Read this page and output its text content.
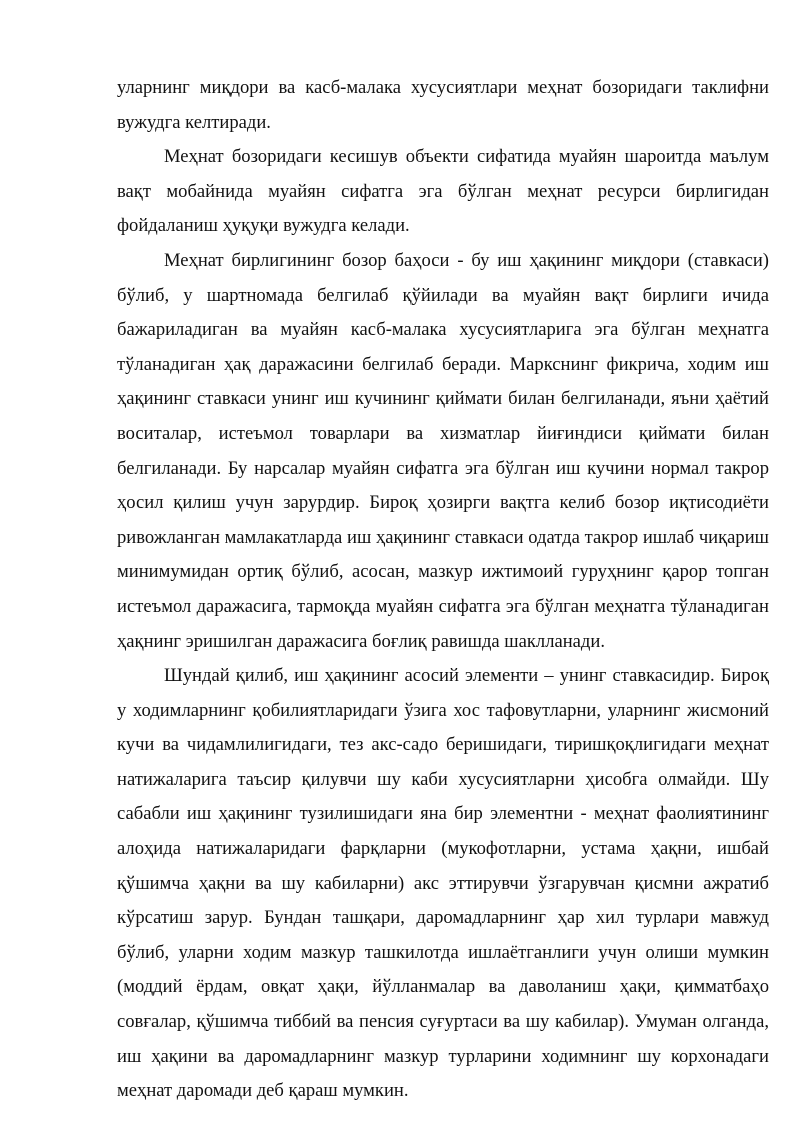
уларнинг миқдори ва касб-малака хусусиятлари меҳнат бозоридаги таклифни вужудга келтиради.

Меҳнат бозоридаги кесишув объекти сифатида муайян шароитда маълум вақт мобайнида муайян сифатга эга бўлган меҳнат ресурси бирлигидан фойдаланиш ҳуқуқи вужудга келади.

Меҳнат бирлигининг бозор баҳоси - бу иш ҳақининг миқдори (ставкаси) бўлиб, у шартномада белгилаб қўйилади ва муайян вақт бирлиги ичида бажариладиган ва муайян касб-малака хусусиятларига эга бўлган меҳнатга тўланадиган ҳақ даражасини белгилаб беради. Маркснинг фикрича, ходим иш ҳақининг ставкаси унинг иш кучининг қиймати билан белгиланади, яъни ҳаётий воситалар, истеъмол товарлари ва хизматлар йиғиндиси қиймати билан белгиланади. Бу нарсалар муайян сифатга эга бўлган иш кучини нормал такрор ҳосил қилиш учун зарурдир. Бироқ ҳозирги вақтга келиб бозор иқтисодиёти ривожланган мамлакатларда иш ҳақининг ставкаси одатда такрор ишлаб чиқариш минимумидан ортиқ бўлиб, асосан, мазкур ижтимоий гуруҳнинг қарор топган истеъмол даражасига, тармоқда муайян сифатга эга бўлган меҳнатга тўланадиган ҳақнинг эришилган даражасига боғлиқ равишда шаклланади.

Шундай қилиб, иш ҳақининг асосий элементи – унинг ставкасидир. Бироқ у ходимларнинг қобилиятларидаги ўзига хос тафовутларни, уларнинг жисмоний кучи ва чидамлилигидаги, тез акс-садо беришидаги, тиришқоқлигидаги меҳнат натижаларига таъсир қилувчи шу каби хусусиятларни ҳисобга олмайди. Шу сабабли иш ҳақининг тузилишидаги яна бир элементни - меҳнат фаолиятининг алоҳида натижаларидаги фарқларни (мукофотларни, устама ҳақни, ишбай қўшимча ҳақни ва шу кабиларни) акс эттирувчи ўзгарувчан қисмни ажратиб кўрсатиш зарур. Бундан ташқари, даромадларнинг ҳар хил турлари мавжуд бўлиб, уларни ходим мазкур ташкилотда ишлаётганлиги учун олиши мумкин (моддий ёрдам, овқат ҳақи, йўлланмалар ва даволаниш ҳақи, қимматбаҳо совғалар, қўшимча тиббий ва пенсия суғуртаси ва шу кабилар). Умуман олганда, иш ҳақини ва даромадларнинг мазкур турларини ходимнинг шу корхонадаги меҳнат даромади деб қараш мумкин.
